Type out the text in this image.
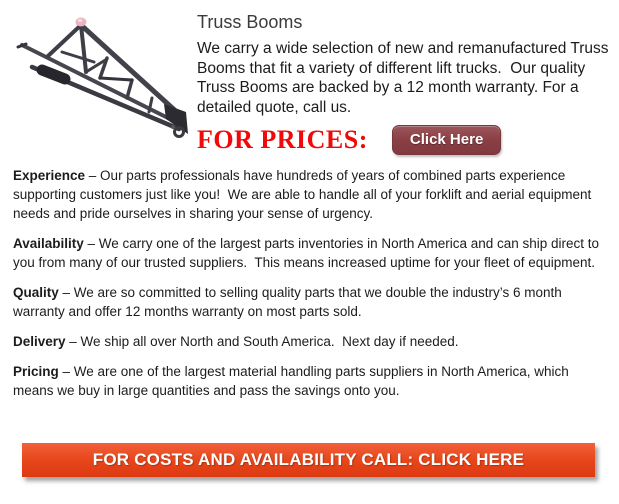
Truss Booms

We carry a wide selection of new and remanufactured Truss Booms that fit a variety of different lift trucks.  Our quality Truss Booms are backed by a 12 month warranty. For a detailed quote, call us.

FOR PRICES:	Click Here

Experience – Our parts professionals have hundreds of years of combined parts experience supporting customers just like you!  We are able to handle all of your forklift and aerial equipment needs and pride ourselves in sharing your sense of urgency.

Availability – We carry one of the largest parts inventories in North America and can ship direct to you from many of our trusted suppliers.  This means increased uptime for your fleet of equipment.

Quality – We are so committed to selling quality parts that we double the industry’s 6 month warranty and offer 12 months warranty on most parts sold.

Delivery – We ship all over North and South America.  Next day if needed.

Pricing – We are one of the largest material handling parts suppliers in North America, which means we buy in large quantities and pass the savings onto you.

FOR COSTS AND AVAILABILITY CALL: CLICK HERE
